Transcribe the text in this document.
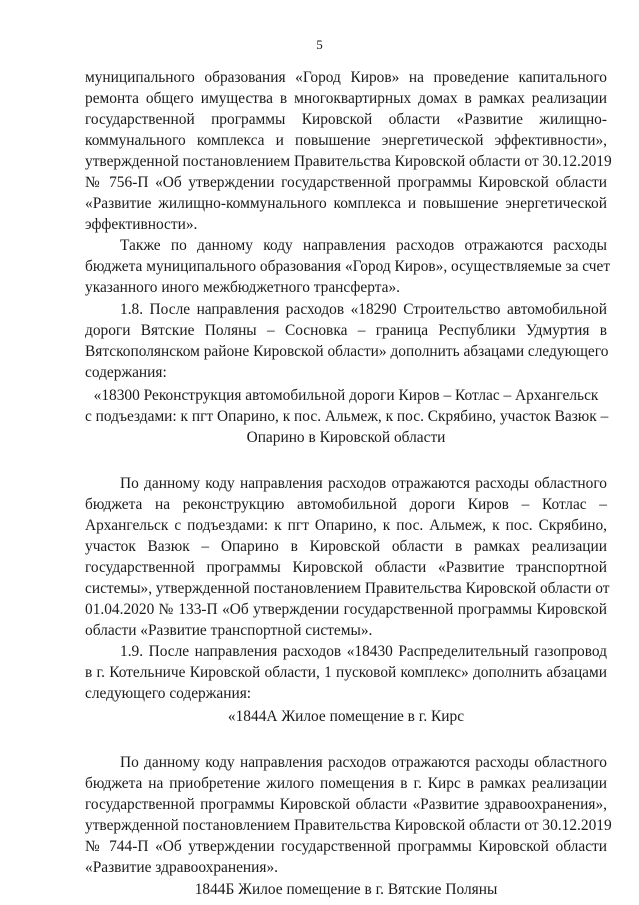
5
муниципального образования «Город Киров» на проведение капитального
ремонта общего имущества в многоквартирных домах в рамках реализации
государственной программы Кировской области «Развитие жилищно-
коммунального комплекса и повышение энергетической эффективности»,
утвержденной постановлением Правительства Кировской области от 30.12.2019
№ 756-П «Об утверждении государственной программы Кировской области
«Развитие жилищно-коммунального комплекса и повышение энергетической
эффективности».
Также по данному коду направления расходов отражаются расходы
бюджета муниципального образования «Город Киров», осуществляемые за счет
указанного иного межбюджетного трансферта».
1.8. После направления расходов «18290 Строительство автомобильной
дороги Вятские Поляны – Сосновка – граница Республики Удмуртия в
Вятскополянском районе Кировской области» дополнить абзацами следующего
содержания:
«18300 Реконструкция автомобильной дороги Киров – Котлас – Архангельск
с подъездами: к пгт Опарино, к пос. Альмеж, к пос. Скрябино, участок Вазюк –
Опарино в Кировской области
По данному коду направления расходов отражаются расходы областного
бюджета на реконструкцию автомобильной дороги Киров – Котлас –
Архангельск с подъездами: к пгт Опарино, к пос. Альмеж, к пос. Скрябино,
участок Вазюк – Опарино в Кировской области в рамках реализации
государственной программы Кировской области «Развитие транспортной
системы», утвержденной постановлением Правительства Кировской области от
01.04.2020 № 133-П «Об утверждении государственной программы Кировской
области «Развитие транспортной системы».
1.9. После направления расходов «18430 Распределительный газопровод
в г. Котельниче Кировской области, 1 пусковой комплекс» дополнить абзацами
следующего содержания:
«1844А Жилое помещение в г. Кирс
По данному коду направления расходов отражаются расходы областного
бюджета на приобретение жилого помещения в г. Кирс в рамках реализации
государственной программы Кировской области «Развитие здравоохранения»,
утвержденной постановлением Правительства Кировской области от 30.12.2019
№ 744-П «Об утверждении государственной программы Кировской области
«Развитие здравоохранения».
1844Б Жилое помещение в г. Вятские Поляны
